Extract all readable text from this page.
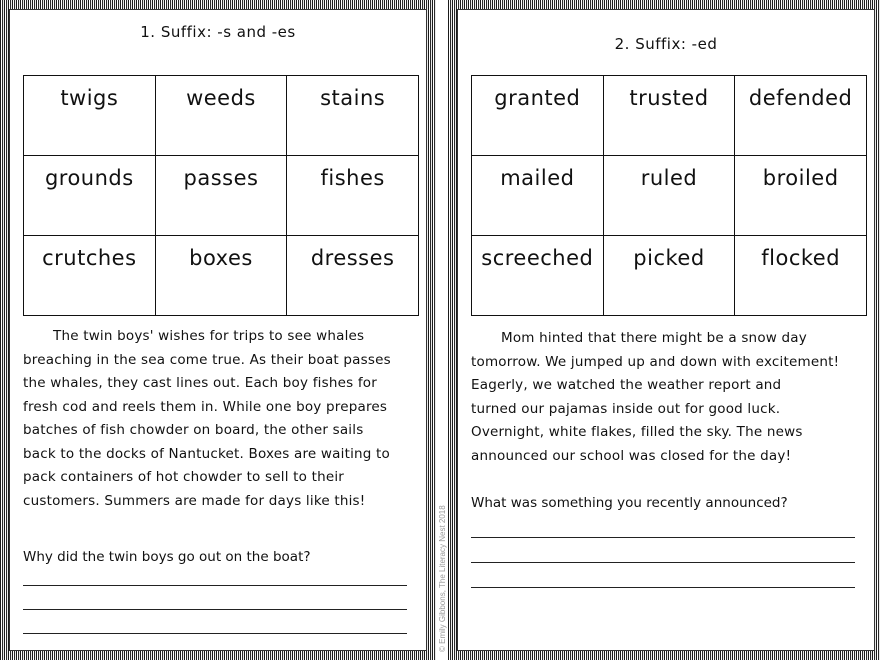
1. Suffix: -s and -es
twigs	weeds	stains
grounds	passes	fishes
crutches	boxes	dresses
The twin boys' wishes for trips to see whales
breaching in the sea come true. As their boat passes
the whales, they cast lines out. Each boy fishes for
fresh cod and reels them in. While one boy prepares
batches of fish chowder on board, the other sails
back to the docks of Nantucket. Boxes are waiting to
pack containers of hot chowder to sell to their
customers. Summers are made for days like this!
Why did the twin boys go out on the boat?
2. Suffix: -ed
granted	trusted	defended
mailed	ruled	broiled
screeched	picked	flocked
Mom hinted that there might be a snow day
tomorrow. We jumped up and down with excitement!
Eagerly, we watched the weather report and
turned our pajamas inside out for good luck.
Overnight, white flakes, filled the sky. The news
announced our school was closed for the day!
What was something you recently announced?
© Emily Gibbons, The Literacy Nest 2018
